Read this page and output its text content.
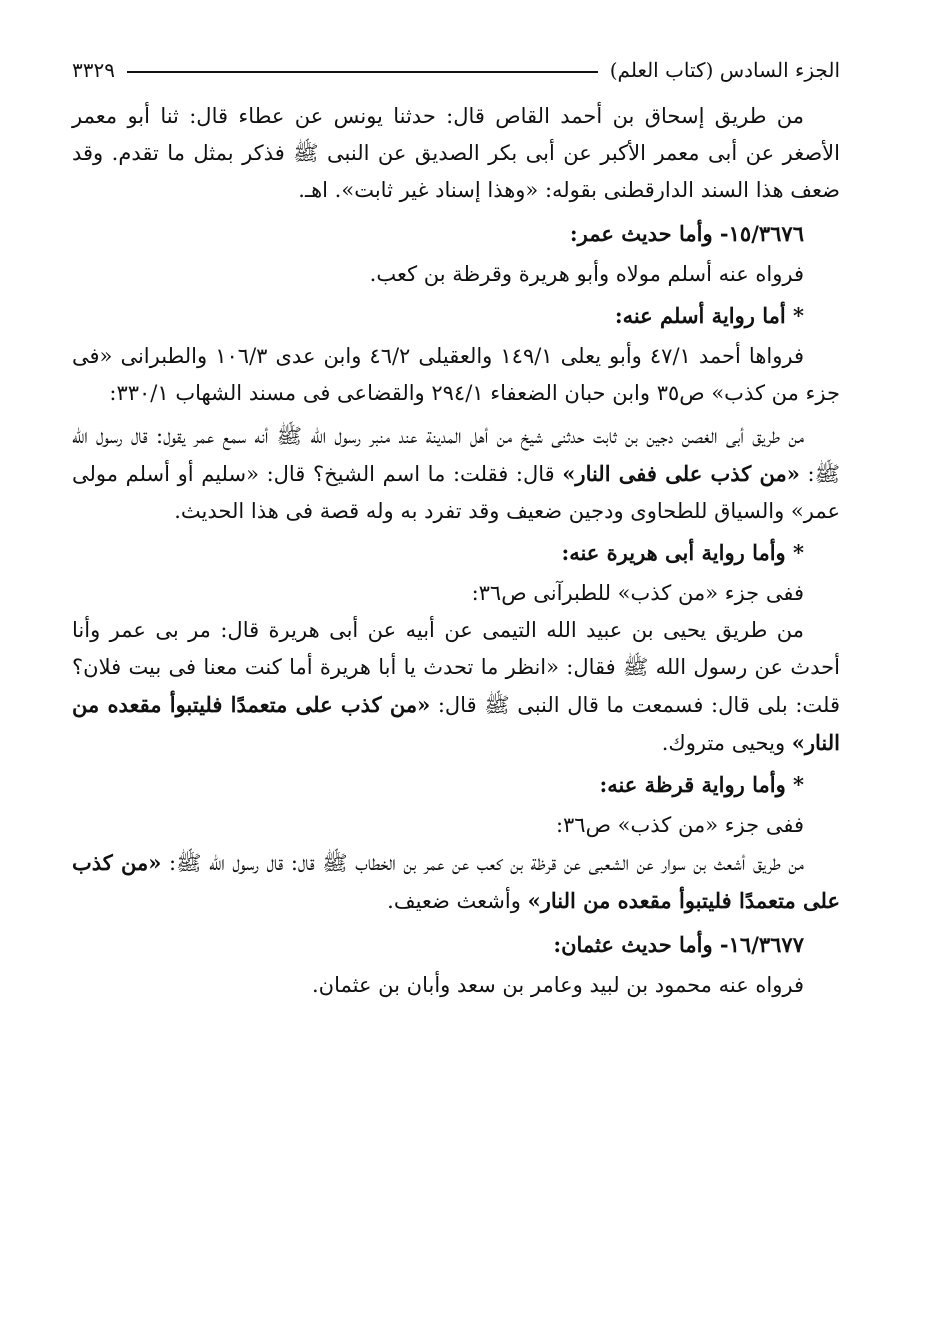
الجزء السادس (كتاب العلم)
٣٣٢٩

من طريق إسحاق بن أحمد القاص قال: حدثنا يونس عن عطاء قال: ثنا أبو معمر الأصغر عن أبى معمر الأكبر عن أبى بكر الصديق عن النبى ﷺ فذكر بمثل ما تقدم. وقد ضعف هذا السند الدارقطنى بقوله: «وهذا إسناد غير ثابت». اهـ.

١٥/٣٦٧٦- وأما حديث عمر:

فرواه عنه أسلم مولاه وأبو هريرة وقرظة بن كعب.

* أما رواية أسلم عنه:

فرواها أحمد ٤٧/١ وأبو يعلى ١٤٩/١ والعقيلى ٤٦/٢ وابن عدى ١٠٦/٣ والطبرانى «فى جزء من كذب» ص٣٥ وابن حبان الضعفاء ٢٩٤/١ والقضاعى فى مسند الشهاب ٣٣٠/١:

من طريق أبى الغصن دجين بن ثابت حدثنى شيخ من أهل المدينة عند منبر رسول الله ﷺ أنه سمع عمر يقول: قال رسول الله ﷺ: «من كذب على ففى النار» قال: فقلت: ما اسم الشيخ؟ قال: «سليم أو أسلم مولى عمر» والسياق للطحاوى ودجين ضعيف وقد تفرد به وله قصة فى هذا الحديث.

* وأما رواية أبى هريرة عنه:

ففى جزء «من كذب» للطبرآنى ص٣٦:

من طريق يحيى بن عبيد الله التيمى عن أبيه عن أبى هريرة قال: مر بى عمر وأنا أحدث عن رسول الله ﷺ فقال: «انظر ما تحدث يا أبا هريرة أما كنت معنا فى بيت فلان؟ قلت: بلى قال: فسمعت ما قال النبى ﷺ قال: «من كذب على متعمدًا فليتبوأ مقعده من النار» ويحيى متروك.

* وأما رواية قرظة عنه:

ففى جزء «من كذب» ص٣٦:

من طريق أشعث بن سوار عن الشعبى عن قرظة بن كعب عن عمر بن الخطاب ﷺ قال: قال رسول الله ﷺ: «من كذب على متعمدًا فليتبوأ مقعده من النار» وأشعث ضعيف.

١٦/٣٦٧٧- وأما حديث عثمان:

فرواه عنه محمود بن لبيد وعامر بن سعد وأبان بن عثمان.
